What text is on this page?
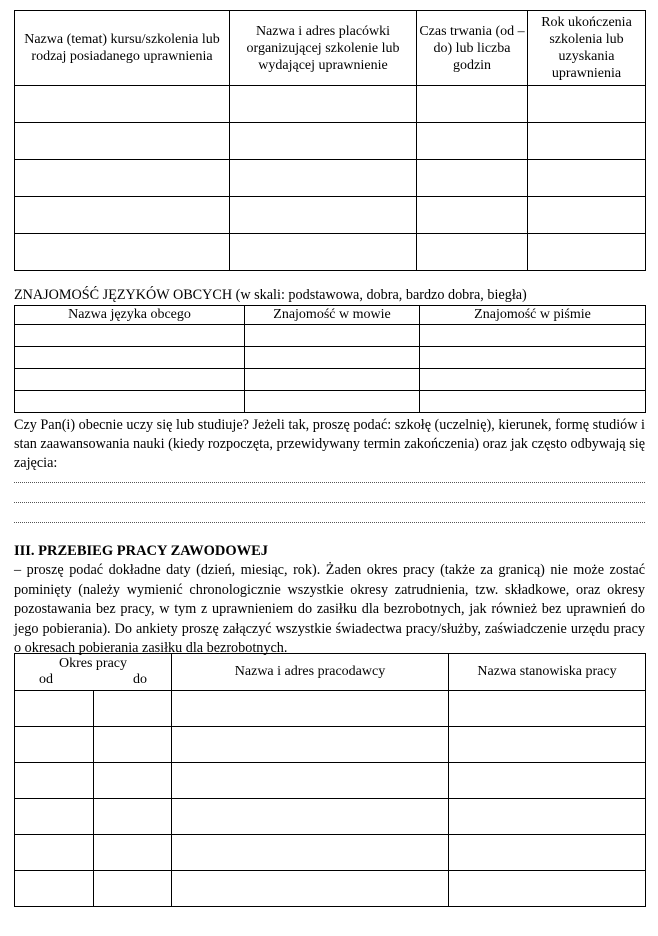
Nazwa (temat) kursu/szkolenia lub rodzaj posiadanego uprawnienia	Nazwa i adres placówki organizującej szkolenie lub wydającej uprawnienie	Czas trwania (od – do) lub liczba godzin	Rok ukończenia szkolenia lub uzyskania uprawnienia

ZNAJOMOŚĆ JĘZYKÓW OBCYCH (w skali: podstawowa, dobra, bardzo dobra, biegła)
Nazwa języka obcego	Znajomość w mowie	Znajomość w piśmie

Czy Pan(i) obecnie uczy się lub studiuje? Jeżeli tak, proszę podać: szkołę (uczelnię), kierunek, formę studiów i stan zaawansowania nauki (kiedy rozpoczęta, przewidywany termin zakończenia) oraz jak często odbywają się zajęcia:
III. PRZEBIEG PRACY ZAWODOWEJ
– proszę podać dokładne daty (dzień, miesiąc, rok). Żaden okres pracy (także za granicą) nie może zostać pominięty (należy wymienić chronologicznie wszystkie okresy zatrudnienia, tzw. składkowe, oraz okresy pozostawania bez pracy, w tym z uprawnieniem do zasiłku dla bezrobotnych, jak również bez uprawnień do jego pobierania). Do ankiety proszę załączyć wszystkie świadectwa pracy/służby, zaświadczenie urzędu pracy o okresach pobierania zasiłku dla bezrobotnych.
Okres pracy
od do		Nazwa i adres pracodawcy	Nazwa stanowiska pracy
